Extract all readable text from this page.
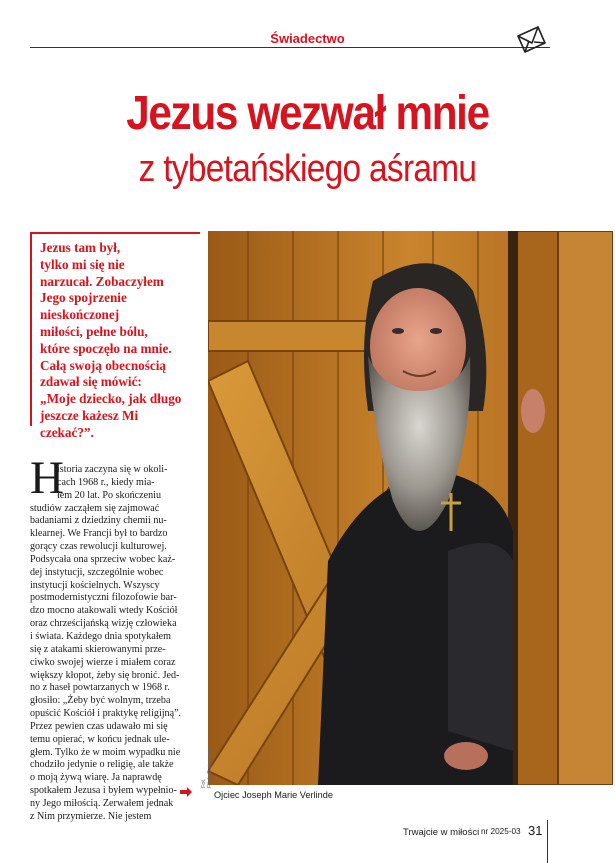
Świadectwo
Jezus wezwał mnie
z tybetańskiego aśramu
Jezus tam był,
tylko mi się nie
narzucał. Zobaczyłem
Jego spojrzenie
nieskończonej
miłości, pełne bólu,
które spoczęło na mnie.
Całą swoją obecnością
zdawał się mówić:
„Moje dziecko, jak długo
jeszcze każesz Mi
czekać?”.
H
istoria zaczyna się w okoli-
cach 1968 r., kiedy mia-
łem 20 lat. Po skończeniu
studiów zacząłem się zajmować
badaniami z dziedziny chemii nu-
klearnej. We Francji był to bardzo
gorący czas rewolucji kulturowej.
Podsycała ona sprzeciw wobec każ-
dej instytucji, szczególnie wobec
instytucji kościelnych. Wszyscy
postmodernistyczni filozofowie bar-
dzo mocno atakowali wtedy Kościół
oraz chrześcijańską wizję człowieka
i świata. Każdego dnia spotykałem
się z atakami skierowanymi prze-
ciwko swojej wierze i miałem coraz
większy kłopot, żeby się bronić. Jed-
no z haseł powtarzanych w 1968 r.
głosiło: „Żeby być wolnym, trzeba
opuścić Kościół i praktykę religijną”.
Przez pewien czas udawało mi się
temu opierać, w końcu jednak ule-
głem. Tylko że w moim wypadku nie
chodziło jedynie o religię, ale także
o moją żywą wiarę. Ja naprawdę
spotkałem Jezusa i byłem wypełnio-
ny Jego miłością. Zerwałem jednak
z Nim przymierze. Nie jestem
Fot. Flickr/Bajan.com
Ojciec Joseph Marie Verlinde
Trwajcie w miłości nr 2025-03 31
